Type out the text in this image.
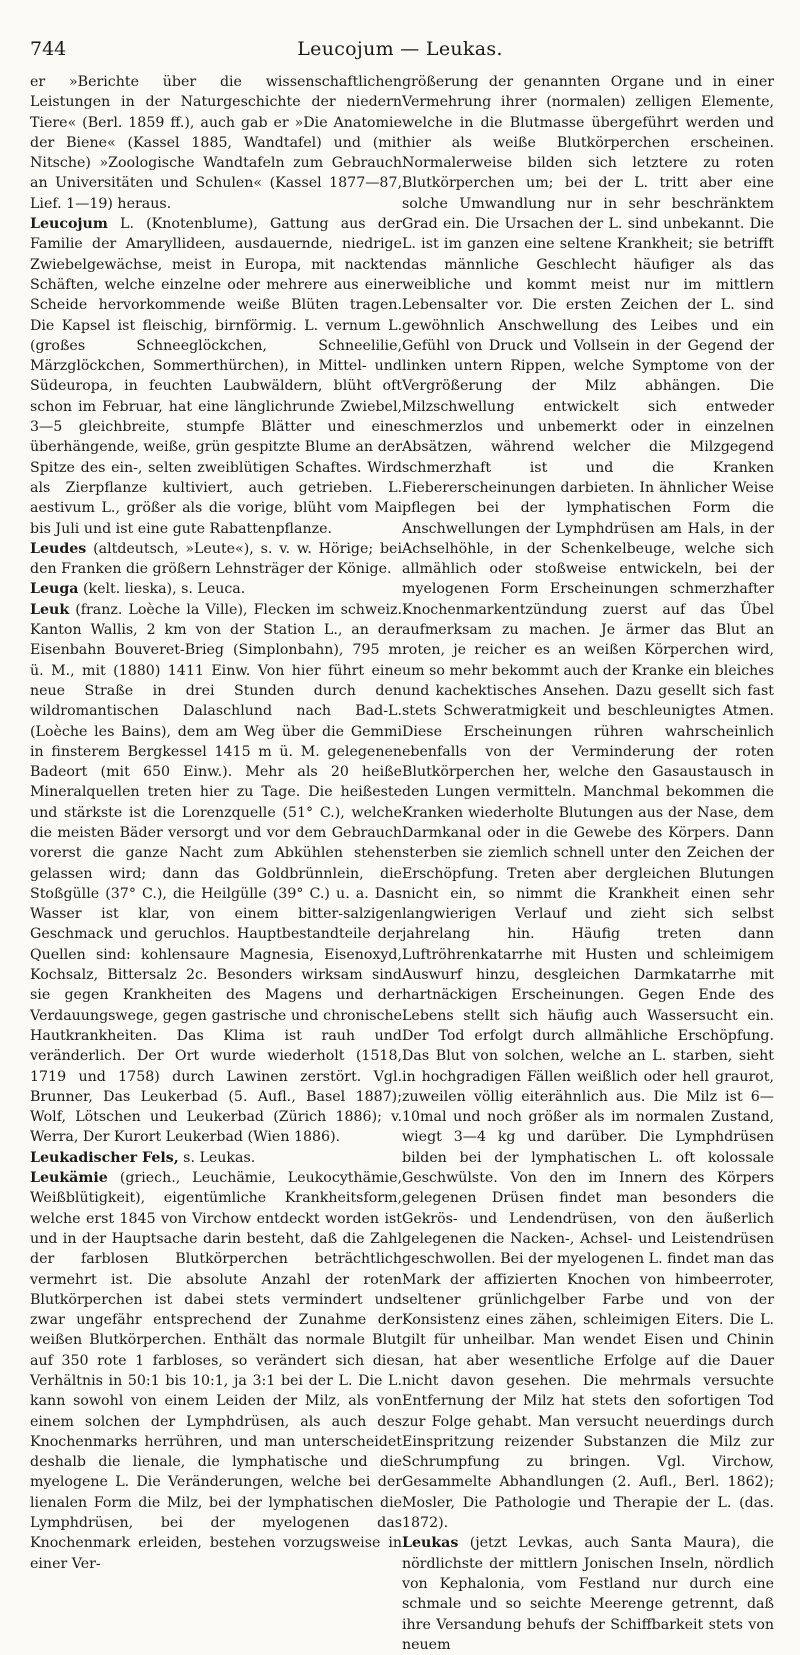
744	Leucojum — Leukas.

er »Berichte über die wissenschaftlichen Leistungen in der Naturgeschichte der niedern Tiere« (Berl. 1859 ff.), auch gab er »Die Anatomie der Biene« (Kassel 1885, Wandtafel) und (mit Nitsche) »Zoologische Wandtafeln zum Gebrauch an Universitäten und Schulen« (Kassel 1877—87, Lief. 1—19) heraus.

Leucojum L. (Knotenblume), Gattung aus der Familie der Amaryllideen, ausdauernde, niedrige Zwiebelgewächse, meist in Europa, mit nackten Schäften, welche einzelne oder mehrere aus einer Scheide hervorkommende weiße Blüten tragen. Die Kapsel ist fleischig, birnförmig. L. vernum L. (großes Schneeglöckchen, Schneelilie, Märzglöckchen, Sommerthürchen), in Mittel- und Südeuropa, in feuchten Laubwäldern, blüht oft schon im Februar, hat eine länglichrunde Zwiebel, 3—5 gleichbreite, stumpfe Blätter und eine überhängende, weiße, grün gespitzte Blume an der Spitze des ein-, selten zweiblütigen Schaftes. Wird als Zierpflanze kultiviert, auch getrieben. L. aestivum L., größer als die vorige, blüht vom Mai bis Juli und ist eine gute Rabattenpflanze.

Leudes (altdeutsch, »Leute«), s. v. w. Hörige; bei den Franken die größern Lehnsträger der Könige.

Leuga (kelt. lieska), s. Leuca.

Leuk (franz. Loèche la Ville), Flecken im schweiz. Kanton Wallis, 2 km von der Station L., an der Eisenbahn Bouveret-Brieg (Simplonbahn), 795 m ü. M., mit (1880) 1411 Einw. Von hier führt eine neue Straße in drei Stunden durch den wildromantischen Dalaschlund nach Bad-L. (Loèche les Bains), dem am Weg über die Gemmi in finsterem Bergkessel 1415 m ü. M. gelegenen Badeort (mit 650 Einw.). Mehr als 20 heiße Mineralquellen treten hier zu Tage. Die heißeste und stärkste ist die Lorenzquelle (51° C.), welche die meisten Bäder versorgt und vor dem Gebrauch vorerst die ganze Nacht zum Abkühlen stehen gelassen wird; dann das Goldbrünnlein, die Stoßgülle (37° C.), die Heilgülle (39° C.) u. a. Das Wasser ist klar, von einem bitter-salzigen Geschmack und geruchlos. Hauptbestandteile der Quellen sind: kohlensaure Magnesia, Eisenoxyd, Kochsalz, Bittersalz 2c. Besonders wirksam sind sie gegen Krankheiten des Magens und der Verdauungswege, gegen gastrische und chronische Hautkrankheiten. Das Klima ist rauh und veränderlich. Der Ort wurde wiederholt (1518, 1719 und 1758) durch Lawinen zerstört. Vgl. Brunner, Das Leukerbad (5. Aufl., Basel 1887); Wolf, Lötschen und Leukerbad (Zürich 1886); v. Werra, Der Kurort Leukerbad (Wien 1886).

Leukadischer Fels, s. Leukas.

Leukämie (griech., Leuchämie, Leukocythämie, Weißblütigkeit), eigentümliche Krankheitsform, welche erst 1845 von Virchow entdeckt worden ist und in der Hauptsache darin besteht, daß die Zahl der farblosen Blutkörperchen beträchtlich vermehrt ist. Die absolute Anzahl der roten Blutkörperchen ist dabei stets vermindert und zwar ungefähr entsprechend der Zunahme der weißen Blutkörperchen. Enthält das normale Blut auf 350 rote 1 farbloses, so verändert sich dies Verhältnis in 50:1 bis 10:1, ja 3:1 bei der L. Die L. kann sowohl von einem Leiden der Milz, als von einem solchen der Lymphdrüsen, als auch des Knochenmarks herrühren, und man unterscheidet deshalb die lienale, die lymphatische und die myelogene L. Die Veränderungen, welche bei der lienalen Form die Milz, bei der lymphatischen die Lymphdrüsen, bei der myelogenen das Knochenmark erleiden, bestehen vorzugsweise in einer Ver-

größerung der genannten Organe und in einer Vermehrung ihrer (normalen) zelligen Elemente, welche in die Blutmasse übergeführt werden und hier als weiße Blutkörperchen erscheinen. Normalerweise bilden sich letztere zu roten Blutkörperchen um; bei der L. tritt aber eine solche Umwandlung nur in sehr beschränktem Grad ein. Die Ursachen der L. sind unbekannt. Die L. ist im ganzen eine seltene Krankheit; sie betrifft das männliche Geschlecht häufiger als das weibliche und kommt meist nur im mittlern Lebensalter vor. Die ersten Zeichen der L. sind gewöhnlich Anschwellung des Leibes und ein Gefühl von Druck und Vollsein in der Gegend der linken untern Rippen, welche Symptome von der Vergrößerung der Milz abhängen. Die Milzschwellung entwickelt sich entweder schmerzlos und unbemerkt oder in einzelnen Absätzen, während welcher die Milzgegend schmerzhaft ist und die Kranken Fiebererscheinungen darbieten. In ähnlicher Weise pflegen bei der lymphatischen Form die Anschwellungen der Lymphdrüsen am Hals, in der Achselhöhle, in der Schenkelbeuge, welche sich allmählich oder stoßweise entwickeln, bei der myelogenen Form Erscheinungen schmerzhafter Knochenmarkentzündung zuerst auf das Übel aufmerksam zu machen. Je ärmer das Blut an roten, je reicher es an weißen Körperchen wird, um so mehr bekommt auch der Kranke ein bleiches und kachektisches Ansehen. Dazu gesellt sich fast stets Schweratmigkeit und beschleunigtes Atmen. Diese Erscheinungen rühren wahrscheinlich ebenfalls von der Verminderung der roten Blutkörperchen her, welche den Gasaustausch in den Lungen vermitteln. Manchmal bekommen die Kranken wiederholte Blutungen aus der Nase, dem Darmkanal oder in die Gewebe des Körpers. Dann sterben sie ziemlich schnell unter den Zeichen der Erschöpfung. Treten aber dergleichen Blutungen nicht ein, so nimmt die Krankheit einen sehr langwierigen Verlauf und zieht sich selbst jahrelang hin. Häufig treten dann Luftröhrenkatarrhe mit Husten und schleimigem Auswurf hinzu, desgleichen Darmkatarrhe mit hartnäckigen Erscheinungen. Gegen Ende des Lebens stellt sich häufig auch Wassersucht ein. Der Tod erfolgt durch allmähliche Erschöpfung. Das Blut von solchen, welche an L. starben, sieht in hochgradigen Fällen weißlich oder hell graurot, zuweilen völlig eiterähnlich aus. Die Milz ist 6—10mal und noch größer als im normalen Zustand, wiegt 3—4 kg und darüber. Die Lymphdrüsen bilden bei der lymphatischen L. oft kolossale Geschwülste. Von den im Innern des Körpers gelegenen Drüsen findet man besonders die Gekrös- und Lendendrüsen, von den äußerlich gelegenen die Nacken-, Achsel- und Leistendrüsen geschwollen. Bei der myelogenen L. findet man das Mark der affizierten Knochen von himbeerroter, seltener grünlichgelber Farbe und von der Konsistenz eines zähen, schleimigen Eiters. Die L. gilt für unheilbar. Man wendet Eisen und Chinin an, hat aber wesentliche Erfolge auf die Dauer nicht davon gesehen. Die mehrmals versuchte Entfernung der Milz hat stets den sofortigen Tod zur Folge gehabt. Man versucht neuerdings durch Einspritzung reizender Substanzen die Milz zur Schrumpfung zu bringen. Vgl. Virchow, Gesammelte Abhandlungen (2. Aufl., Berl. 1862); Mosler, Die Pathologie und Therapie der L. (das. 1872).

Leukas (jetzt Levkas, auch Santa Maura), die nördlichste der mittlern Jonischen Inseln, nördlich von Kephalonia, vom Festland nur durch eine schmale und so seichte Meerenge getrennt, daß ihre Versandung behufs der Schiffbarkeit stets von neuem
